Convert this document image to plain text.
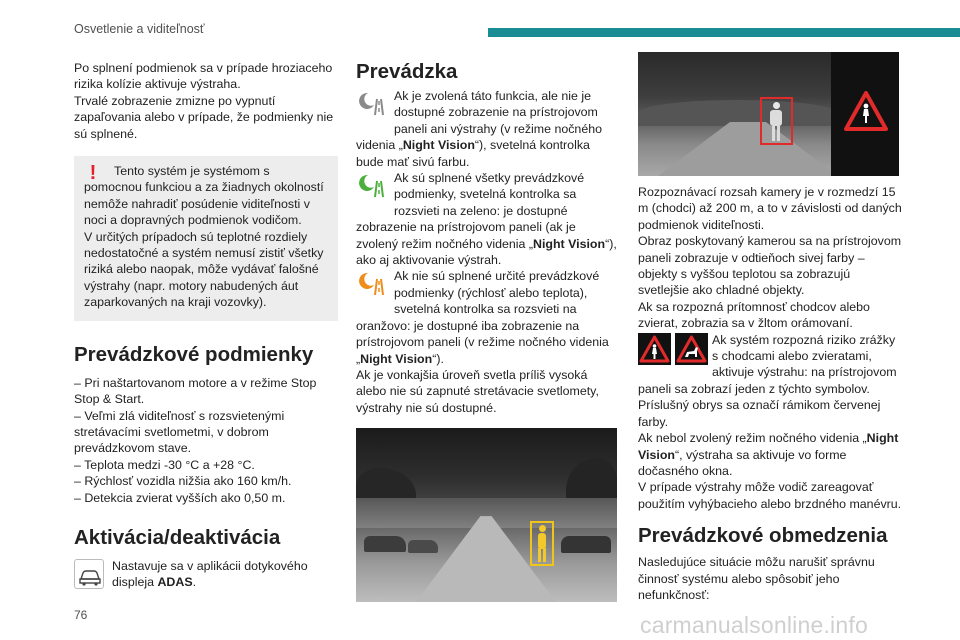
Osvetlenie a viditeľnosť

Po splnení podmienok sa v prípade hroziaceho rizika kolízie aktivuje výstraha.

Trvalé zobrazenie zmizne po vypnutí zapaľovania alebo v prípade, že podmienky nie sú splnené.

!	Tento systém je systémom s pomocnou funkciou a za žiadnych okolností nemôže nahradiť posúdenie viditeľnosti v noci a dopravných podmienok vodičom.

V určitých prípadoch sú teplotné rozdiely nedostatočné a systém nemusí zistiť všetky riziká alebo naopak, môže vydávať falošné výstrahy (napr. motory nabudených áut zaparkovaných na kraji vozovky).

Prevádzkové podmienky

– Pri naštartovanom motore a v režime Stop Stop & Start.

– Veľmi zlá viditeľnosť s rozsvietenými stretávacími svetlometmi, v dobrom prevádzkovom stave.

– Teplota medzi -30 °C a +28 °C.

– Rýchlosť vozidla nižšia ako 160 km/h.

– Detekcia zvierat vyšších ako 0,50 m.

Aktivácia/deaktivácia

Nastavuje sa v aplikácii dotykového displeja ADAS.

Prevádzka

Ak je zvolená táto funkcia, ale nie je dostupné zobrazenie na prístrojovom paneli ani výstrahy (v režime nočného videnia „Night Vision“), svetelná kontrolka bude mať sivú farbu.

Ak sú splnené všetky prevádzkové podmienky, svetelná kontrolka sa rozsvieti na zeleno: je dostupné zobrazenie na prístrojovom paneli (ak je zvolený režim nočného videnia „Night Vision“), ako aj aktivovanie výstrah.

Ak nie sú splnené určité prevádzkové podmienky (rýchlosť alebo teplota), svetelná kontrolka sa rozsvieti na oranžovo: je dostupné iba zobrazenie na prístrojovom paneli (v režime nočného videnia „Night Vision“).

Ak je vonkajšia úroveň svetla príliš vysoká alebo nie sú zapnuté stretávacie svetlomety, výstrahy nie sú dostupné.

Rozpoznávací rozsah kamery je v rozmedzí 15 m (chodci) až 200 m, a to v závislosti od daných podmienok viditeľnosti.

Obraz poskytovaný kamerou sa na prístrojovom paneli zobrazuje v odtieňoch sivej farby – objekty s vyššou teplotou sa zobrazujú svetlejšie ako chladné objekty.

Ak sa rozpozná prítomnosť chodcov alebo zvierat, zobrazia sa v žltom orámovaní.

Ak systém rozpozná riziko zrážky s chodcami alebo zvieratami, aktivuje výstrahu: na prístrojovom paneli sa zobrazí jeden z týchto symbolov. Príslušný obrys sa označí rámikom červenej farby.

Ak nebol zvolený režim nočného videnia „Night Vision“, výstraha sa aktivuje vo forme dočasného okna.

V prípade výstrahy môže vodič zareagovať použitím vyhýbacieho alebo brzdného manévru.

Prevádzkové obmedzenia

Nasledujúce situácie môžu narušiť správnu činnosť systému alebo spôsobiť jeho nefunkčnosť:

76	carmanualsonline.info
